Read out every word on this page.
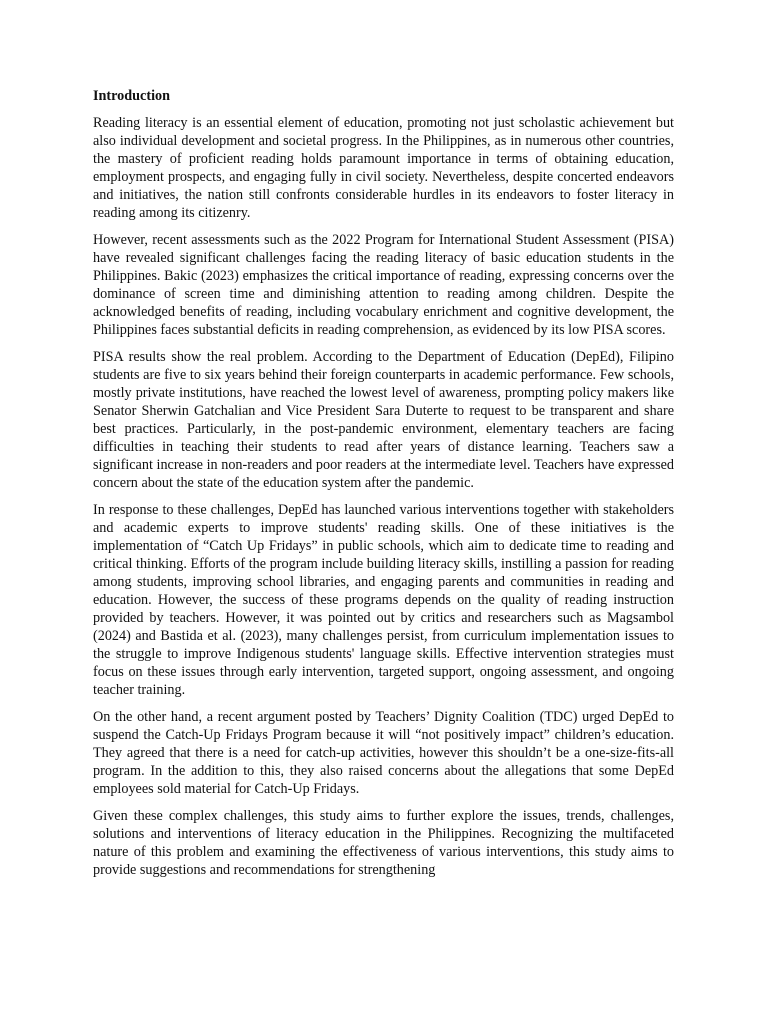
Introduction

Reading literacy is an essential element of education, promoting not just scholastic achievement but also individual development and societal progress. In the Philippines, as in numerous other countries, the mastery of proficient reading holds paramount importance in terms of obtaining education, employment prospects, and engaging fully in civil society. Nevertheless, despite concerted endeavors and initiatives, the nation still confronts considerable hurdles in its endeavors to foster literacy in reading among its citizenry.

However, recent assessments such as the 2022 Program for International Student Assessment (PISA) have revealed significant challenges facing the reading literacy of basic education students in the Philippines. Bakic (2023) emphasizes the critical importance of reading, expressing concerns over the dominance of screen time and diminishing attention to reading among children. Despite the acknowledged benefits of reading, including vocabulary enrichment and cognitive development, the Philippines faces substantial deficits in reading comprehension, as evidenced by its low PISA scores.

PISA results show the real problem. According to the Department of Education (DepEd), Filipino students are five to six years behind their foreign counterparts in academic performance. Few schools, mostly private institutions, have reached the lowest level of awareness, prompting policy makers like Senator Sherwin Gatchalian and Vice President Sara Duterte to request to be transparent and share best practices. Particularly, in the post-pandemic environment, elementary teachers are facing difficulties in teaching their students to read after years of distance learning. Teachers saw a significant increase in non-readers and poor readers at the intermediate level. Teachers have expressed concern about the state of the education system after the pandemic.

In response to these challenges, DepEd has launched various interventions together with stakeholders and academic experts to improve students' reading skills. One of these initiatives is the implementation of “Catch Up Fridays” in public schools, which aim to dedicate time to reading and critical thinking. Efforts of the program include building literacy skills, instilling a passion for reading among students, improving school libraries, and engaging parents and communities in reading and education. However, the success of these programs depends on the quality of reading instruction provided by teachers. However, it was pointed out by critics and researchers such as Magsambol (2024) and Bastida et al. (2023), many challenges persist, from curriculum implementation issues to the struggle to improve Indigenous students' language skills. Effective intervention strategies must focus on these issues through early intervention, targeted support, ongoing assessment, and ongoing teacher training.

On the other hand, a recent argument posted by Teachers’ Dignity Coalition (TDC) urged DepEd to suspend the Catch-Up Fridays Program because it will “not positively impact” children’s education. They agreed that there is a need for catch-up activities, however this shouldn’t be a one-size-fits-all program. In the addition to this, they also raised concerns about the allegations that some DepEd employees sold material for Catch-Up Fridays.

Given these complex challenges, this study aims to further explore the issues, trends, challenges, solutions and interventions of literacy education in the Philippines. Recognizing the multifaceted nature of this problem and examining the effectiveness of various interventions, this study aims to provide suggestions and recommendations for strengthening
